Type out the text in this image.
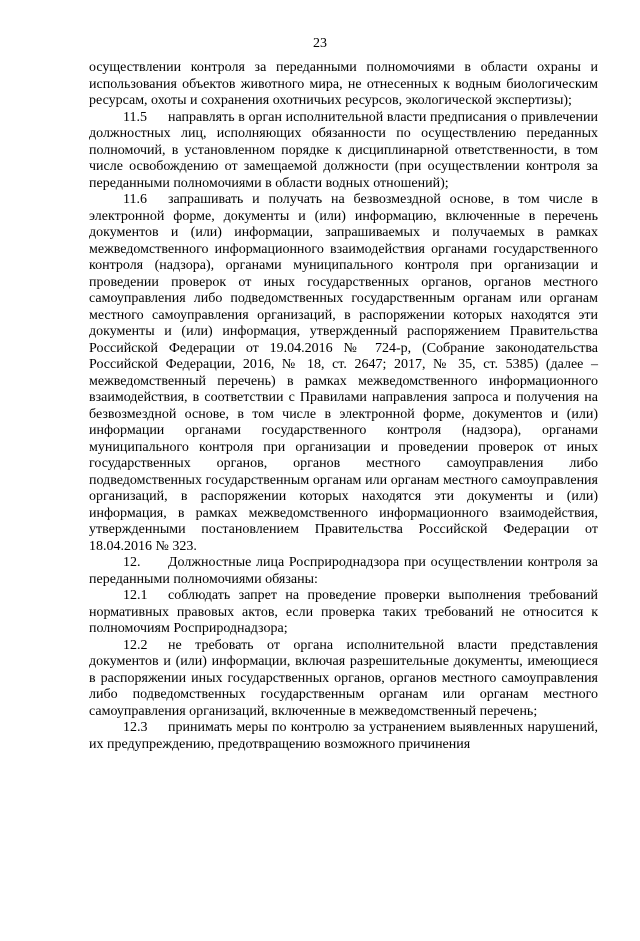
23

осуществлении контроля за переданными полномочиями в области охраны и использования объектов животного мира, не отнесенных к водным биологическим ресурсам, охоты и сохранения охотничьих ресурсов, экологической экспертизы);

11.5 направлять в орган исполнительной власти предписания о привлечении должностных лиц, исполняющих обязанности по осуществлению переданных полномочий, в установленном порядке к дисциплинарной ответственности, в том числе освобождению от замещаемой должности (при осуществлении контроля за переданными полномочиями в области водных отношений);

11.6 запрашивать и получать на безвозмездной основе, в том числе в электронной форме, документы и (или) информацию, включенные в перечень документов и (или) информации, запрашиваемых и получаемых в рамках межведомственного информационного взаимодействия органами государственного контроля (надзора), органами муниципального контроля при организации и проведении проверок от иных государственных органов, органов местного самоуправления либо подведомственных государственным органам или органам местного самоуправления организаций, в распоряжении которых находятся эти документы и (или) информация, утвержденный распоряжением Правительства Российской Федерации от 19.04.2016 № 724-р, (Собрание законодательства Российской Федерации, 2016, № 18, ст. 2647; 2017, № 35, ст. 5385) (далее – межведомственный перечень) в рамках межведомственного информационного взаимодействия, в соответствии с Правилами направления запроса и получения на безвозмездной основе, в том числе в электронной форме, документов и (или) информации органами государственного контроля (надзора), органами муниципального контроля при организации и проведении проверок от иных государственных органов, органов местного самоуправления либо подведомственных государственным органам или органам местного самоуправления организаций, в распоряжении которых находятся эти документы и (или) информация, в рамках межведомственного информационного взаимодействия, утвержденными постановлением Правительства Российской Федерации от 18.04.2016 № 323.

12. Должностные лица Росприроднадзора при осуществлении контроля за переданными полномочиями обязаны:

12.1 соблюдать запрет на проведение проверки выполнения требований нормативных правовых актов, если проверка таких требований не относится к полномочиям Росприроднадзора;

12.2 не требовать от органа исполнительной власти представления документов и (или) информации, включая разрешительные документы, имеющиеся в распоряжении иных государственных органов, органов местного самоуправления либо подведомственных государственным органам или органам местного самоуправления организаций, включенные в межведомственный перечень;

12.3 принимать меры по контролю за устранением выявленных нарушений, их предупреждению, предотвращению возможного причинения
